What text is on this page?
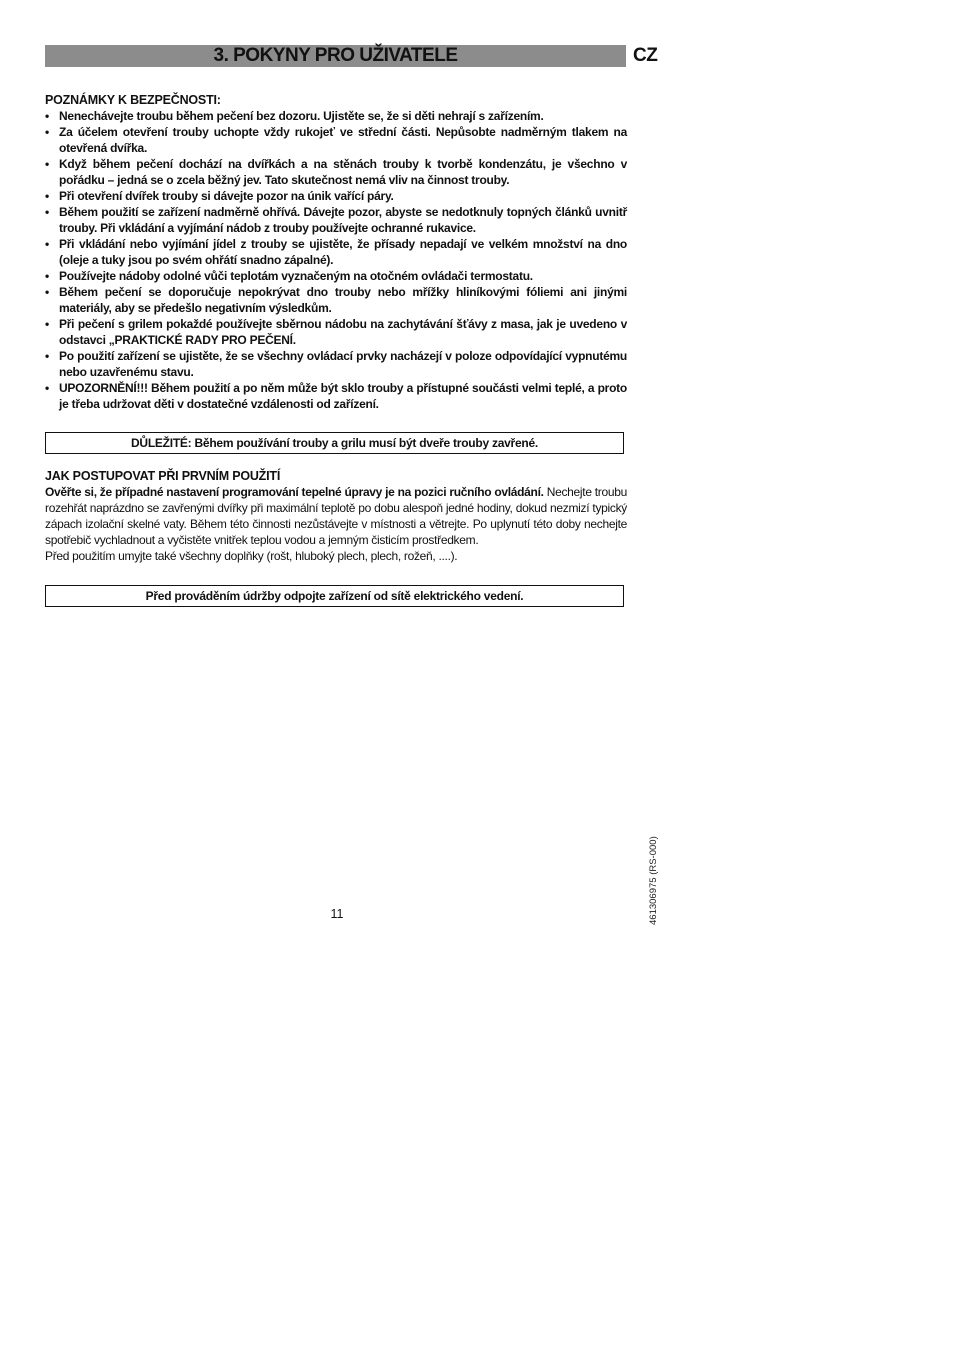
3. POKYNY PRO UŽIVATELE	CZ
POZNÁMKY K BEZPEČNOSTI:
• Nenechávejte troubu během pečení bez dozoru. Ujistěte se, že si děti nehrají s zařízením.
• Za účelem otevření trouby uchopte vždy rukojeť ve střední části. Nepůsobte nadměrným tlakem na otevřená dvířka.
• Když během pečení dochází na dvířkách a na stěnách trouby k tvorbě kondenzátu, je všechno v pořádku – jedná se o zcela běžný jev. Tato skutečnost nemá vliv na činnost trouby.
• Při otevření dvířek trouby si dávejte pozor na únik vařící páry.
• Během použití se zařízení nadměrně ohřívá. Dávejte pozor, abyste se nedotknuly topných článků uvnitř trouby. Při vkládání a vyjímání nádob z trouby používejte ochranné rukavice.
• Při vkládání nebo vyjímání jídel z trouby se ujistěte, že přísady nepadají ve velkém množství na dno (oleje a tuky jsou po svém ohřátí snadno zápalné).
• Používejte nádoby odolné vůči teplotám vyznačeným na otočném ovládači termostatu.
• Během pečení se doporučuje nepokrývat dno trouby nebo mřížky hliníkovými fóliemi ani jinými materiály, aby se předešlo negativním výsledkům.
• Při pečení s grilem pokaždé používejte sběrnou nádobu na zachytávání šťávy z masa, jak je uvedeno v odstavci „PRAKTICKÉ RADY PRO PEČENÍ.
• Po použití zařízení se ujistěte, že se všechny ovládací prvky nacházejí v poloze odpovídající vypnutému nebo uzavřenému stavu.
• UPOZORNĚNÍ!!! Během použití a po něm může být sklo trouby a přístupné součásti velmi teplé, a proto je třeba udržovat děti v dostatečné vzdálenosti od zařízení.
DŮLEŽITÉ: Během používání trouby a grilu musí být dveře trouby zavřené.
JAK POSTUPOVAT PŘI PRVNÍM POUŽITÍ

Ověřte si, že případné nastavení programování tepelné úpravy je na pozici ručního ovládání. Nechejte troubu rozehřát naprázdno se zavřenými dvířky při maximální teplotě po dobu alespoň jedné hodiny, dokud nezmizí typický zápach izolační skelné vaty. Během této činnosti nezůstávejte v místnosti a větrejte. Po uplynutí této doby nechejte spotřebič vychladnout a vyčistěte vnitřek teplou vodou a jemným čisticím prostředkem.

Před použitím umyjte také všechny doplňky (rošt, hluboký plech, plech, rožeň, ....).

Před prováděním údržby odpojte zařízení od sítě elektrického vedení.
11	461306975 (RS-000)
